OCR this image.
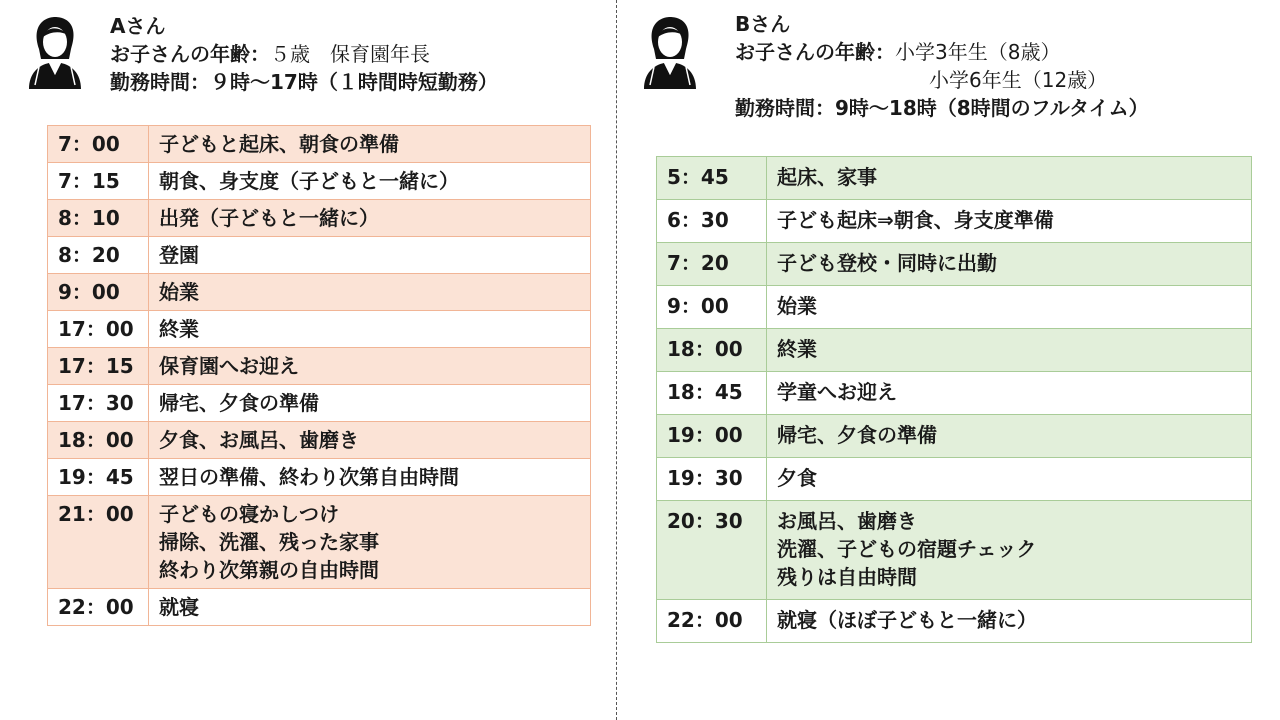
Aさん
お子さんの年齢： ５歳　保育園年長
勤務時間： ９時～17時（１時間時短勤務）
7：00	子どもと起床、朝食の準備

7：15	朝食、身支度（子どもと一緒に）

8：10	出発（子どもと一緒に）

8：20	登園

9：00	始業

17：00	終業

17：15	保育園へお迎え

17：30	帰宅、夕食の準備

18：00	夕食、お風呂、歯磨き

19：45	翌日の準備、終わり次第自由時間

21：00	子どもの寝かしつけ
掃除、洗濯、残った家事
終わり次第親の自由時間

22：00	就寝
Bさん
お子さんの年齢： 小学3年生（8歳）
小学6年生（12歳）
勤務時間： 9時～18時（8時間のフルタイム）
5：45	起床、家事

6：30	子ども起床⇒朝食、身支度準備

7：20	子ども登校・同時に出勤

9：00	始業

18：00	終業

18：45	学童へお迎え

19：00	帰宅、夕食の準備

19：30	夕食

20：30	お風呂、歯磨き
洗濯、子どもの宿題チェック
残りは自由時間

22：00	就寝（ほぼ子どもと一緒に）
